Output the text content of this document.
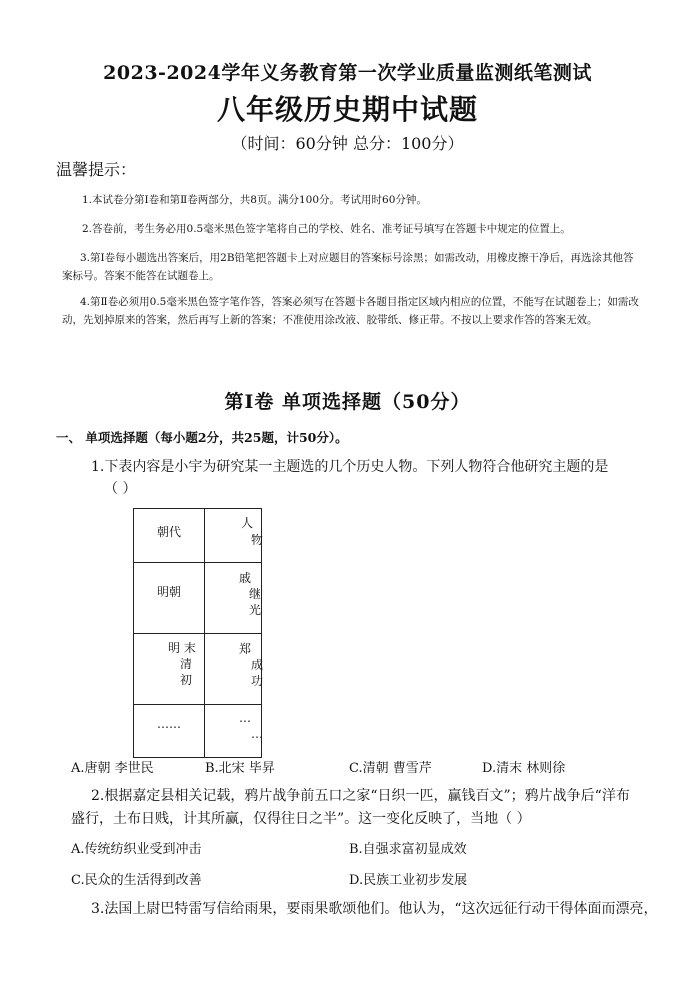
2023-2024学年义务教育第一次学业质量监测纸笔测试
八年级历史期中试题
（时间：60分钟 总分：100分）
温馨提示：
1.本试卷分第Ⅰ卷和第Ⅱ卷两部分，共8页。满分100分。考试用时60分钟。
2.答卷前，考生务必用0.5毫米黑色签字笔将自己的学校、姓名、准考证号填写在答题卡中规定的位置上。
3.第Ⅰ卷每小题选出答案后，用2B铅笔把答题卡上对应题目的答案标号涂黑；如需改动，用橡皮擦干净后，再选涂其他答案标号。答案不能答在试题卷上。
4.第Ⅱ卷必须用0.5毫米黑色签字笔作答，答案必须写在答题卡各题目指定区域内相应的位置，不能写在试题卷上；如需改动，先划掉原来的答案，然后再写上新的答案；不准使用涂改液、胶带纸、修正带。不按以上要求作答的答案无效。
第Ⅰ卷 单项选择题（50分）
一、 单项选择题（每小题2分，共25题，计50分）。
1.下表内容是小宇为研究某一主题选的几个历史人物。下列人物符合他研究主题的是
（ ）
朝代	人
物

明朝	戚
继
光

明 末
清
初	郑
成
功

……	…
…
A.唐朝 李世民	B.北宋 毕昇	C.清朝 曹雪芹	D.清末 林则徐
2.根据嘉定县相关记载，鸦片战争前五口之家“日织一匹，赢钱百文”；鸦片战争后“洋布
盛行，土布日贱，计其所赢，仅得往日之半”。这一变化反映了，当地（ ）
A.传统纺织业受到冲击	B.自强求富初显成效
C.民众的生活得到改善	D.民族工业初步发展
3.法国上尉巴特雷写信给雨果，要雨果歌颂他们。他认为，“这次远征行动干得体面而漂亮，
